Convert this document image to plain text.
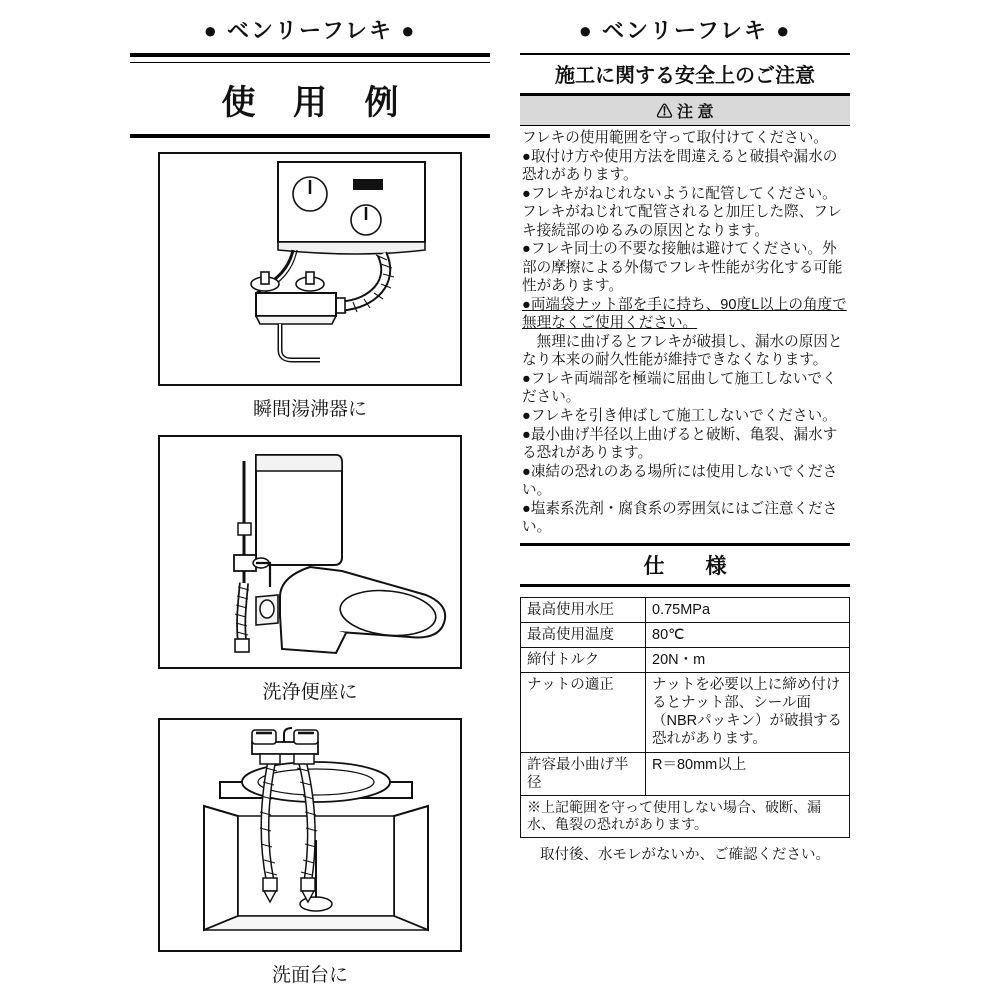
● ベンリーフレキ ●
使 用 例
瞬間湯沸器に
洗浄便座に
洗面台に
● ベンリーフレキ ●
施工に関する安全上のご注意
⚠ 注 意

フレキの使用範囲を守って取付けてください。

●取付け方や使用方法を間違えると破損や漏水の恐れがあります。

●フレキがねじれないように配管してください。フレキがねじれて配管されると加圧した際、フレキ接続部のゆるみの原因となります。

●フレキ同士の不要な接触は避けてください。外部の摩擦による外傷でフレキ性能が劣化する可能性があります。

●両端袋ナット部を手に持ち、90度L以上の角度で無理なくご使用ください。

　無理に曲げるとフレキが破損し、漏水の原因となり本来の耐久性能が維持できなくなります。

●フレキ両端部を極端に屈曲して施工しないでください。

●フレキを引き伸ばして施工しないでください。

●最小曲げ半径以上曲げると破断、亀裂、漏水する恐れがあります。

●凍結の恐れのある場所には使用しないでください。

●塩素系洗剤・腐食系の雰囲気にはご注意ください。

仕　様
最高使用水圧	0.75MPa
最高使用温度	80℃
締付トルク	20N・m
ナットの適正	ナットを必要以上に締め付けるとナット部、シール面（NBRパッキン）が破損する恐れがあります。
許容最小曲げ半径	R＝80mm以上
※上記範囲を守って使用しない場合、破断、漏水、亀裂の恐れがあります。	
取付後、水モレがないか、ご確認ください。
